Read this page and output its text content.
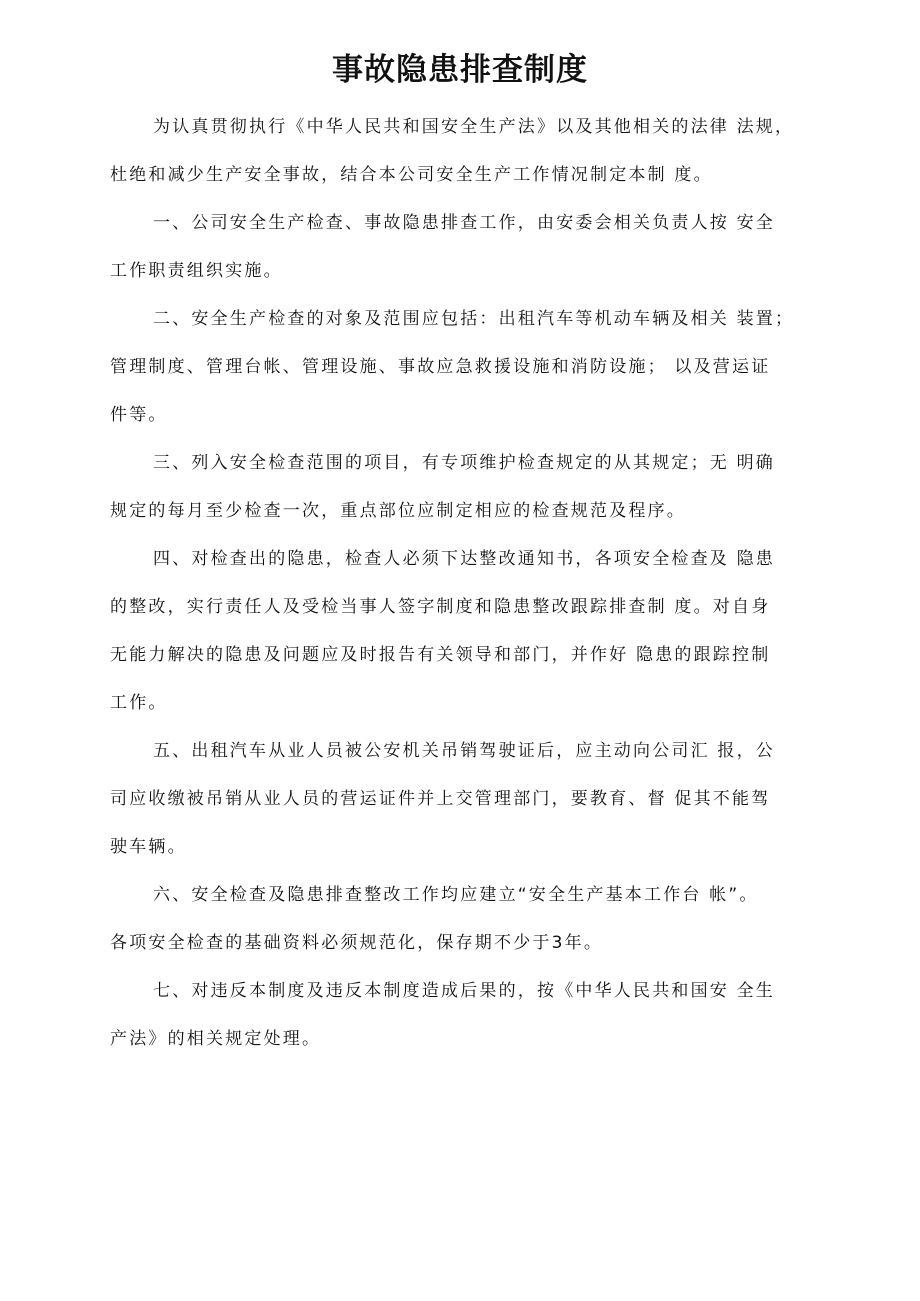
事故隐患排查制度
为认真贯彻执行《中华人民共和国安全生产法》以及其他相关的法律 法规，
杜绝和减少生产安全事故，结合本公司安全生产工作情况制定本制 度。
一、公司安全生产检查、事故隐患排查工作，由安委会相关负责人按 安全
工作职责组织实施。
二、安全生产检查的对象及范围应包括：出租汽车等机动车辆及相关 装置；
管理制度、管理台帐、管理设施、事故应急救援设施和消防设施； 以及营运证
件等。
三、列入安全检查范围的项目，有专项维护检查规定的从其规定；无 明确
规定的每月至少检查一次，重点部位应制定相应的检查规范及程序。
四、对检查出的隐患，检查人必须下达整改通知书，各项安全检查及 隐患
的整改，实行责任人及受检当事人签字制度和隐患整改跟踪排查制 度。对自身
无能力解决的隐患及问题应及时报告有关领导和部门，并作好 隐患的跟踪控制
工作。
五、出租汽车从业人员被公安机关吊销驾驶证后，应主动向公司汇 报，公
司应收缴被吊销从业人员的营运证件并上交管理部门，要教育、督 促其不能驾
驶车辆。
六、安全检查及隐患排查整改工作均应建立“安全生产基本工作台 帐”。
各项安全检查的基础资料必须规范化，保存期不少于3年。
七、对违反本制度及违反本制度造成后果的，按《中华人民共和国安 全生
产法》的相关规定处理。
